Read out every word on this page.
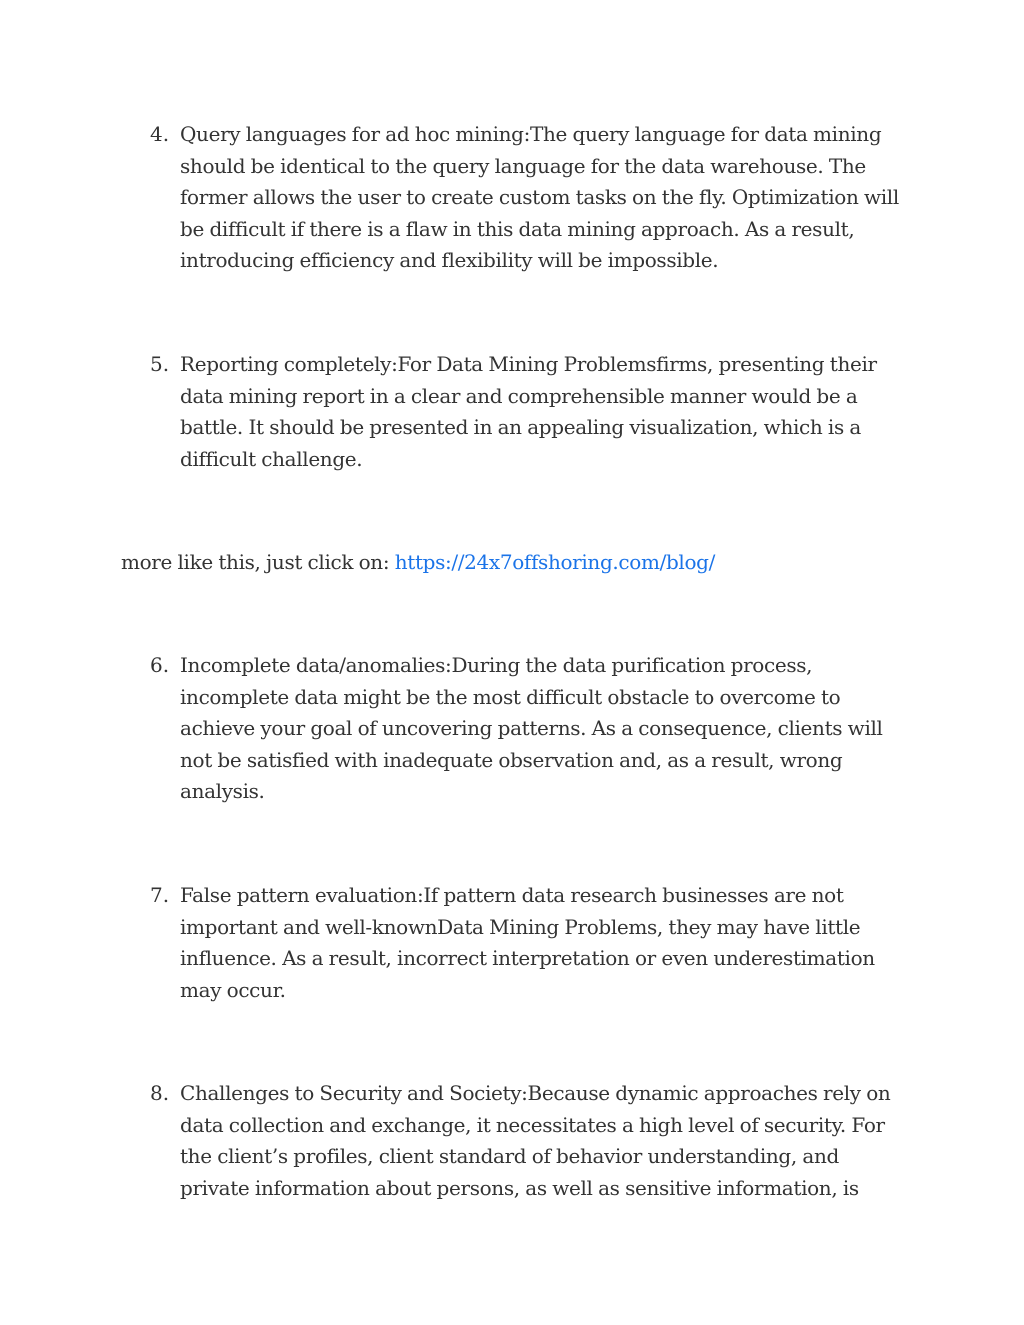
4. Query languages for ad hoc mining:The query language for data mining should be identical to the query language for the data warehouse. The former allows the user to create custom tasks on the fly. Optimization will be difficult if there is a flaw in this data mining approach. As a result, introducing efficiency and flexibility will be impossible.
5. Reporting completely:For Data Mining Problemsfirms, presenting their data mining report in a clear and comprehensible manner would be a battle. It should be presented in an appealing visualization, which is a difficult challenge.
more like this, just click on: https://24x7offshoring.com/blog/
6. Incomplete data/anomalies:During the data purification process, incomplete data might be the most difficult obstacle to overcome to achieve your goal of uncovering patterns. As a consequence, clients will not be satisfied with inadequate observation and, as a result, wrong analysis.
7. False pattern evaluation:If pattern data research businesses are not important and well-knownData Mining Problems, they may have little influence. As a result, incorrect interpretation or even underestimation may occur.
8. Challenges to Security and Society:Because dynamic approaches rely on data collection and exchange, it necessitates a high level of security. For the client’s profiles, client standard of behavior understanding, and private information about persons, as well as sensitive information, is
